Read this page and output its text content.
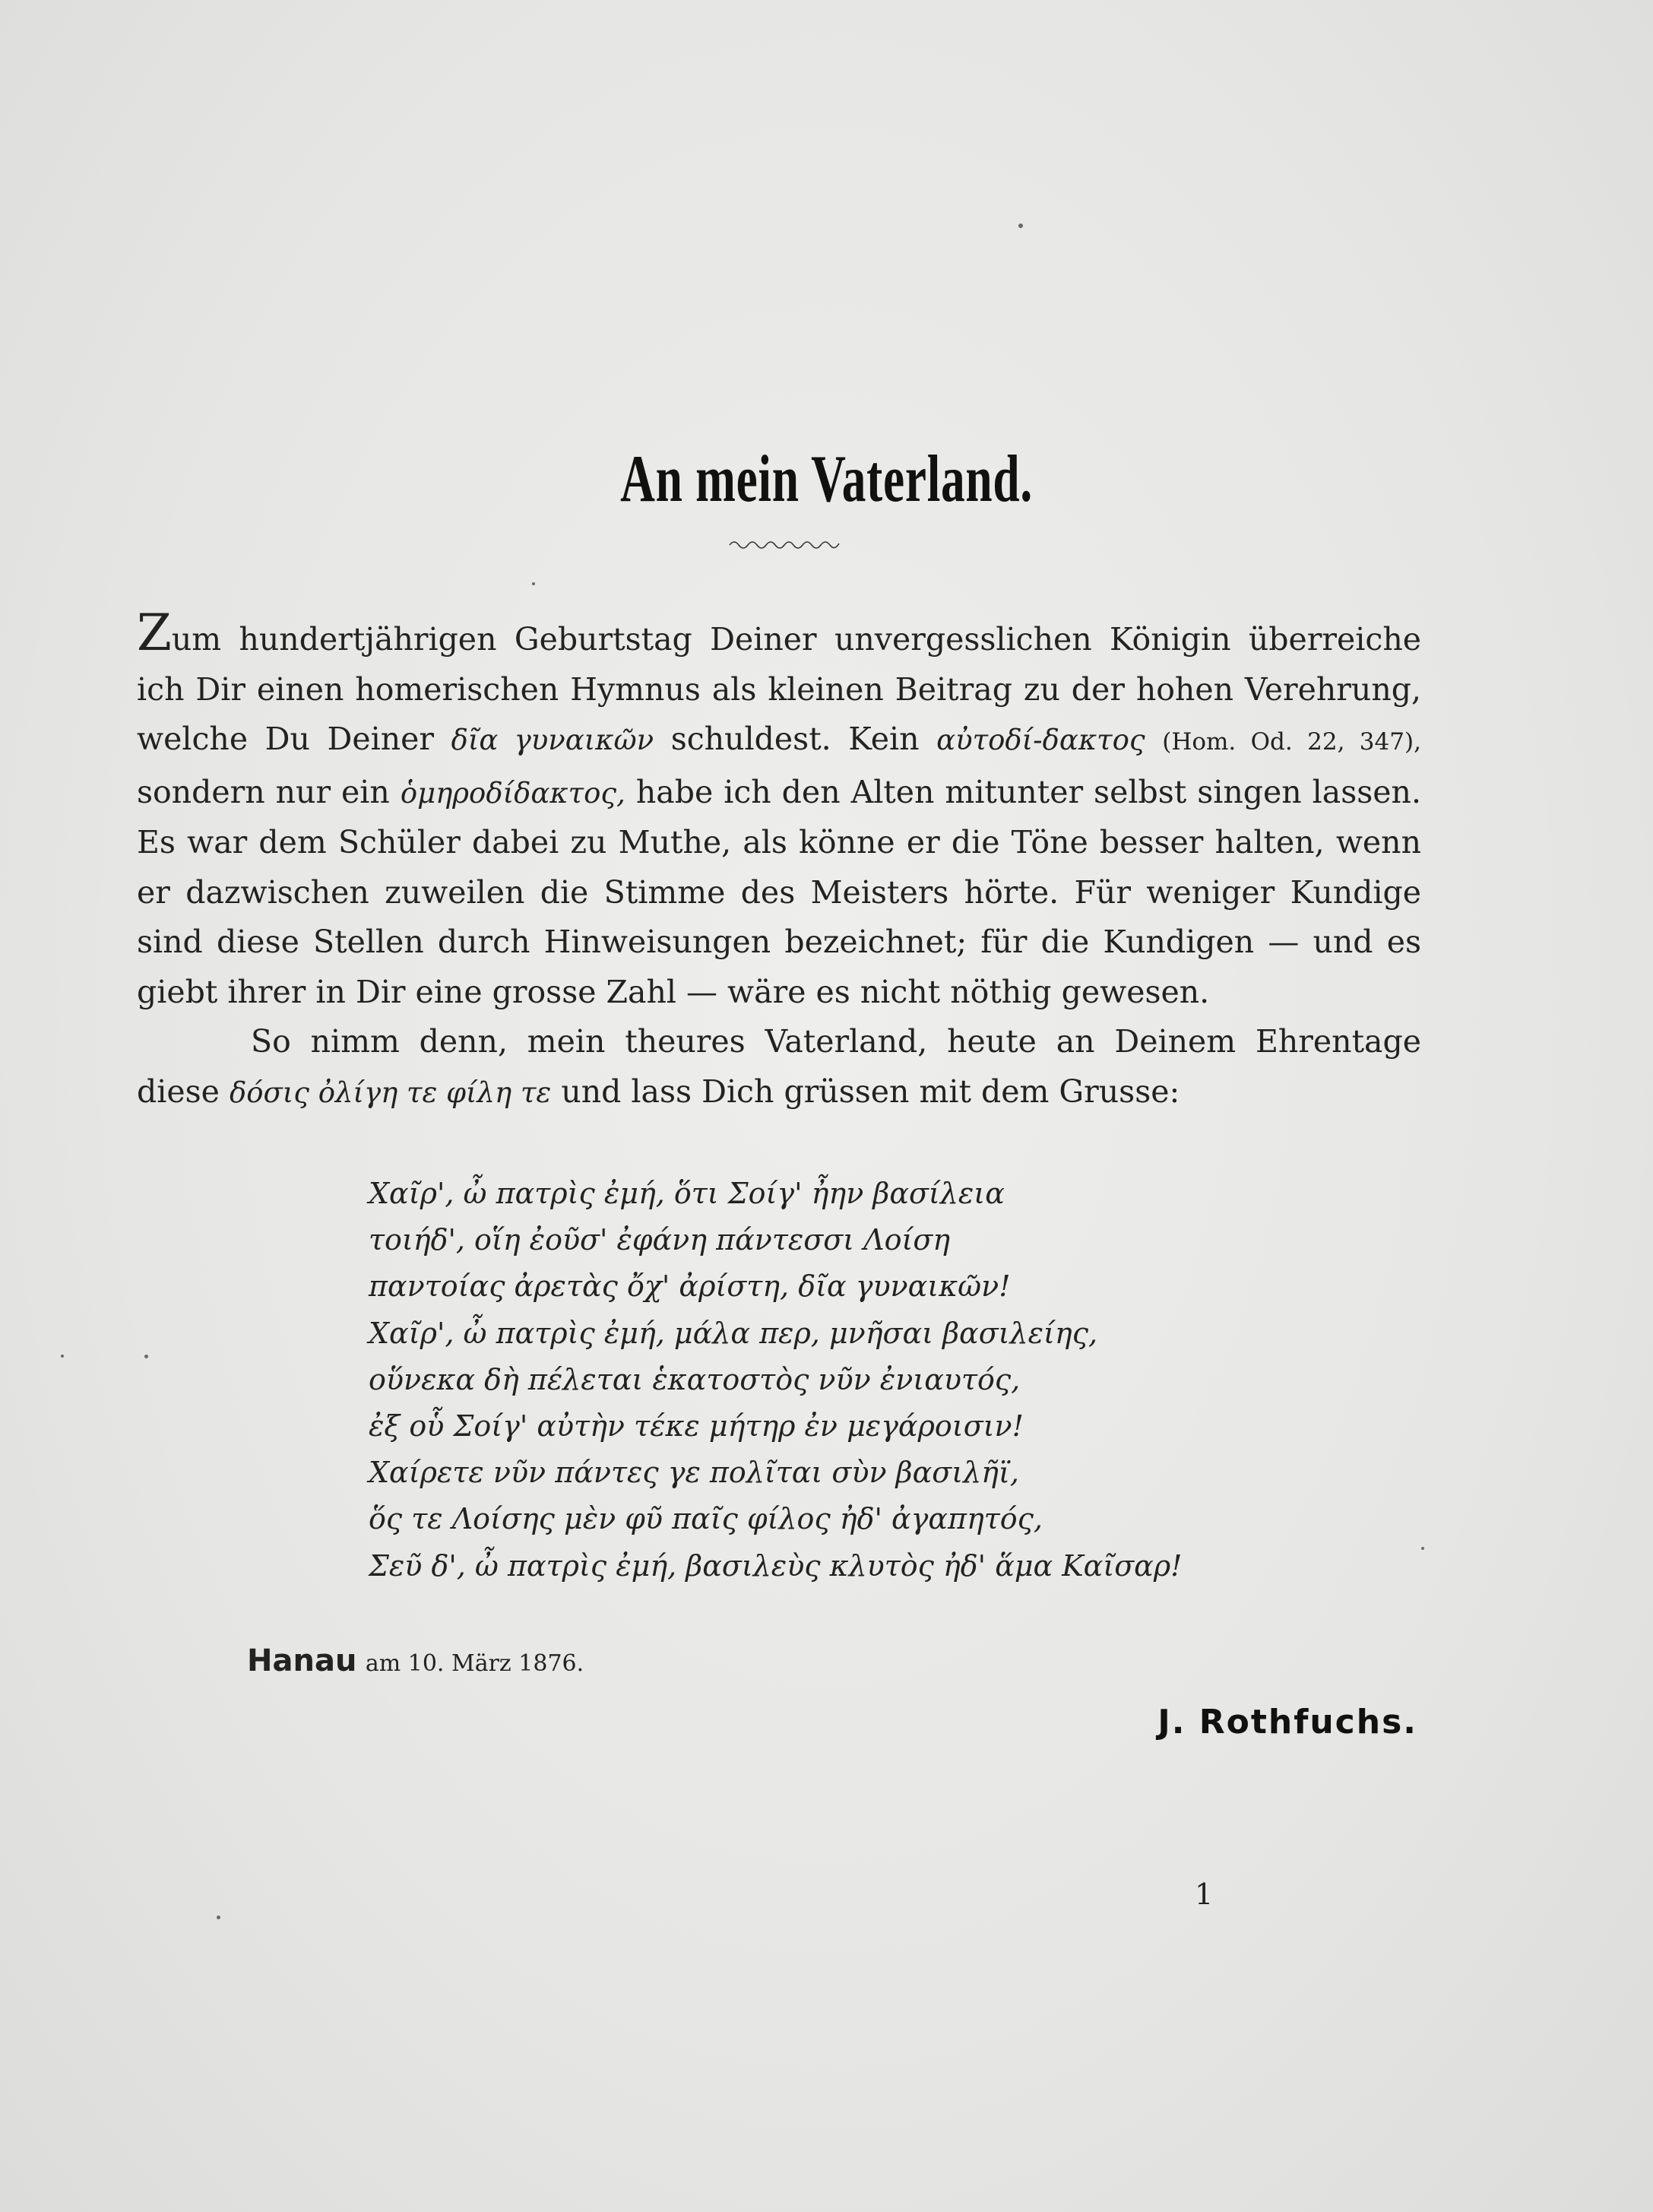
An mein Vaterland.

Zum hundertjährigen Geburtstag Deiner unvergesslichen Königin überreiche ich Dir einen homerischen Hymnus als kleinen Beitrag zu der hohen Verehrung, welche Du Deiner δῖα γυναικῶν schuldest. Kein αὐτοδί-δακτος (Hom. Od. 22, 347), sondern nur ein ὁμηροδίδακτος, habe ich den Alten mitunter selbst singen lassen. Es war dem Schüler dabei zu Muthe, als könne er die Töne besser halten, wenn er dazwischen zuweilen die Stimme des Meisters hörte. Für weniger Kundige sind diese Stellen durch Hinweisungen bezeichnet; für die Kundigen — und es giebt ihrer in Dir eine grosse Zahl — wäre es nicht nöthig gewesen.

So nimm denn, mein theures Vaterland, heute an Deinem Ehrentage diese δόσις ὀλίγη τε φίλη τε und lass Dich grüssen mit dem Grusse:

Χαῖρ', ὦ πατρὶς ἐμή, ὅτι Σοίγ' ἦην βασίλεια
τοιήδ', οἵη ἐοῦσ' ἐφάνη πάντεσσι Λοίση
παντοίας ἀρετὰς ὄχ' ἀρίστη, δῖα γυναικῶν!
Χαῖρ', ὦ πατρὶς ἐμή, μάλα περ, μνῆσαι βασιλείης,
οὕνεκα δὴ πέλεται ἑκατοστὸς νῦν ἐνιαυτός,
ἐξ οὗ Σοίγ' αὐτὴν τέκε μήτηρ ἐν μεγάροισιν!
Χαίρετε νῦν πάντες γε πολῖται σὺν βασιλῆϊ,
ὅς τε Λοίσης μὲν φῦ παῖς φίλος ἠδ' ἀγαπητός,
Σεῦ δ', ὦ πατρὶς ἐμή, βασιλεὺς κλυτὸς ἠδ' ἅμα Καῖσαρ!
Hanau am 10. März 1876.
J. Rothfuchs.
1
